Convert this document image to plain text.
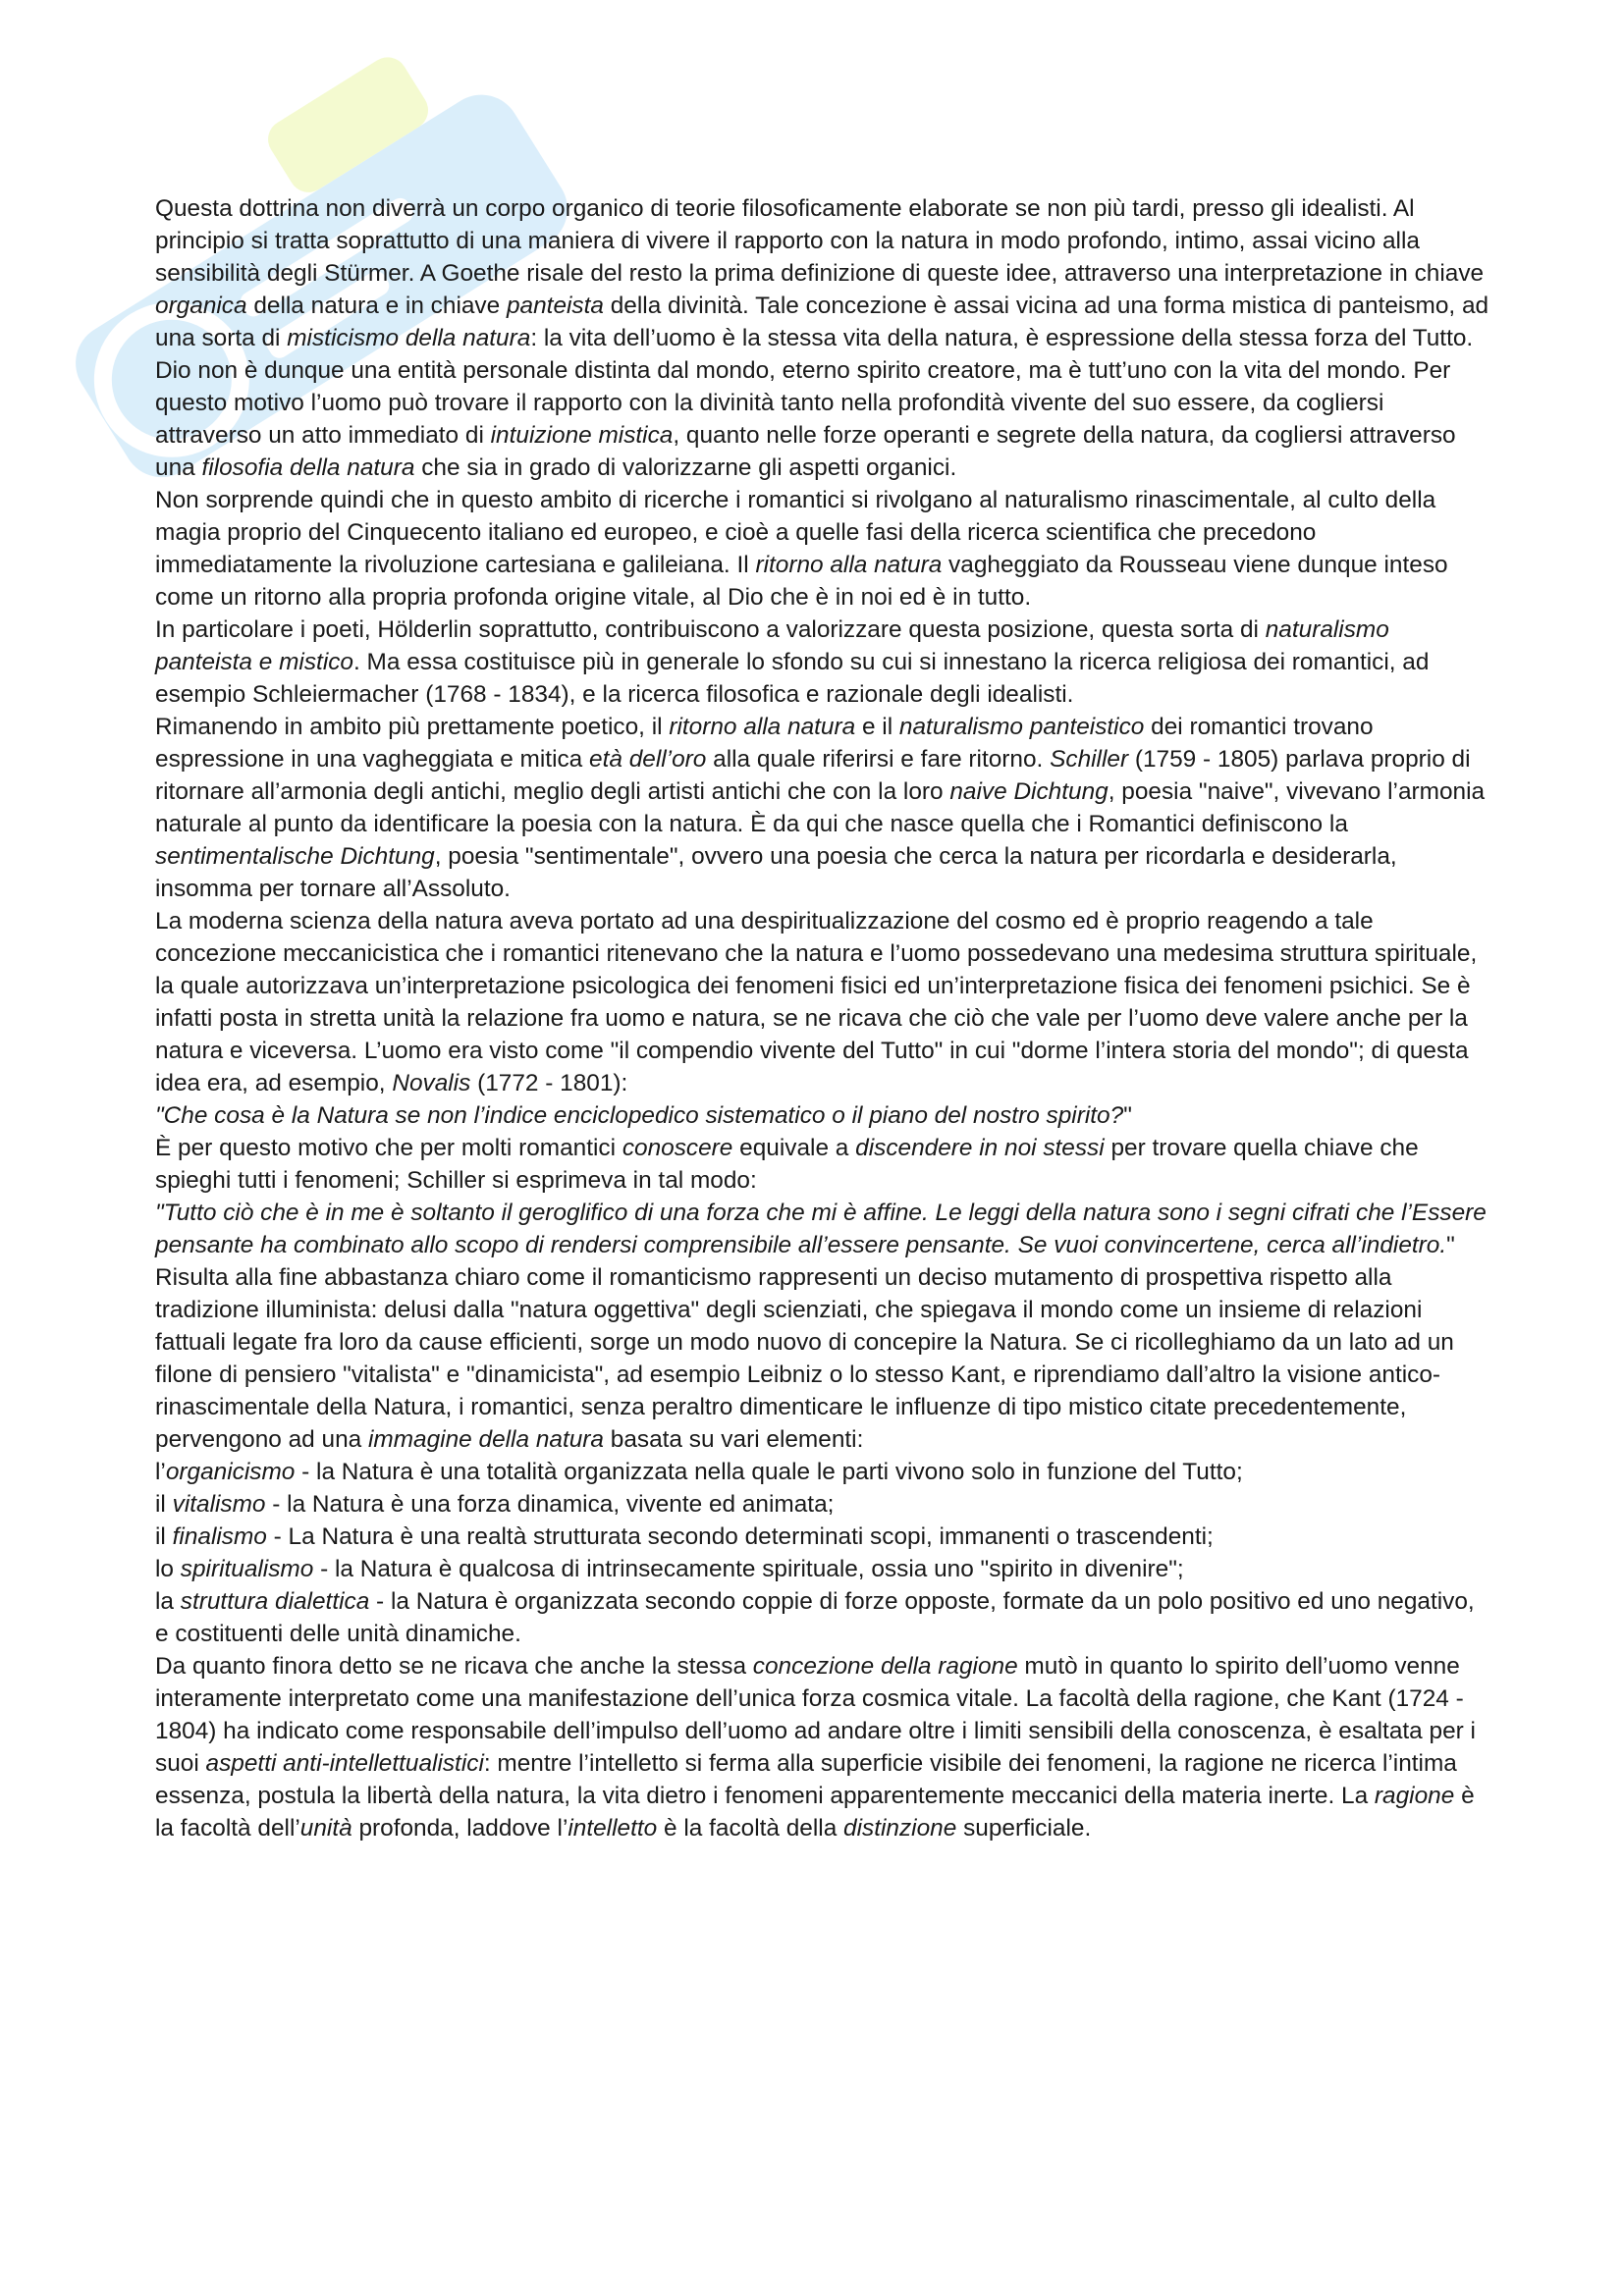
Questa dottrina non diverrà un corpo organico di teorie filosoficamente elaborate se non più tardi, presso gli idealisti. Al principio si tratta soprattutto di una maniera di vivere il rapporto con la natura in modo profondo, intimo, assai vicino alla sensibilità degli Stürmer. A Goethe risale del resto la prima definizione di queste idee, attraverso una interpretazione in chiave organica della natura e in chiave panteista della divinità. Tale concezione è assai vicina ad una forma mistica di panteismo, ad una sorta di misticismo della natura: la vita dell’uomo è la stessa vita della natura, è espressione della stessa forza del Tutto. Dio non è dunque una entità personale distinta dal mondo, eterno spirito creatore, ma è tutt’uno con la vita del mondo. Per questo motivo l’uomo può trovare il rapporto con la divinità tanto nella profondità vivente del suo essere, da cogliersi attraverso un atto immediato di intuizione mistica, quanto nelle forze operanti e segrete della natura, da cogliersi attraverso una filosofia della natura che sia in grado di valorizzarne gli aspetti organici.

Non sorprende quindi che in questo ambito di ricerche i romantici si rivolgano al naturalismo rinascimentale, al culto della magia proprio del Cinquecento italiano ed europeo, e cioè a quelle fasi della ricerca scientifica che precedono immediatamente la rivoluzione cartesiana e galileiana. Il ritorno alla natura vagheggiato da Rousseau viene dunque inteso come un ritorno alla propria profonda origine vitale, al Dio che è in noi ed è in tutto.

In particolare i poeti, Hölderlin soprattutto, contribuiscono a valorizzare questa posizione, questa sorta di naturalismo panteista e mistico. Ma essa costituisce più in generale lo sfondo su cui si innestano la ricerca religiosa dei romantici, ad esempio Schleiermacher (1768 - 1834), e la ricerca filosofica e razionale degli idealisti.

Rimanendo in ambito più prettamente poetico, il ritorno alla natura e il naturalismo panteistico dei romantici trovano espressione in una vagheggiata e mitica età dell’oro alla quale riferirsi e fare ritorno. Schiller (1759 - 1805) parlava proprio di ritornare all’armonia degli antichi, meglio degli artisti antichi che con la loro naive Dichtung, poesia "naive", vivevano l’armonia naturale al punto da identificare la poesia con la natura. È da qui che nasce quella che i Romantici definiscono la sentimentalische Dichtung, poesia "sentimentale", ovvero una poesia che cerca la natura per ricordarla e desiderarla, insomma per tornare all’Assoluto.

La moderna scienza della natura aveva portato ad una despiritualizzazione del cosmo ed è proprio reagendo a tale concezione meccanicistica che i romantici ritenevano che la natura e l’uomo possedevano una medesima struttura spirituale, la quale autorizzava un’interpretazione psicologica dei fenomeni fisici ed un’interpretazione fisica dei fenomeni psichici. Se è infatti posta in stretta unità la relazione fra uomo e natura, se ne ricava che ciò che vale per l’uomo deve valere anche per la natura e viceversa. L’uomo era visto come "il compendio vivente del Tutto" in cui "dorme l’intera storia del mondo"; di questa idea era, ad esempio, Novalis (1772 - 1801):

"Che cosa è la Natura se non l’indice enciclopedico sistematico o il piano del nostro spirito?"

È per questo motivo che per molti romantici conoscere equivale a discendere in noi stessi per trovare quella chiave che spieghi tutti i fenomeni; Schiller si esprimeva in tal modo:

"Tutto ciò che è in me è soltanto il geroglifico di una forza che mi è affine. Le leggi della natura sono i segni cifrati che l’Essere pensante ha combinato allo scopo di rendersi comprensibile all’essere pensante. Se vuoi convincertene, cerca all’indietro."

Risulta alla fine abbastanza chiaro come il romanticismo rappresenti un deciso mutamento di prospettiva rispetto alla tradizione illuminista: delusi dalla "natura oggettiva" degli scienziati, che spiegava il mondo come un insieme di relazioni fattuali legate fra loro da cause efficienti, sorge un modo nuovo di concepire la Natura. Se ci ricolleghiamo da un lato ad un filone di pensiero "vitalista" e "dinamicista", ad esempio Leibniz o lo stesso Kant, e riprendiamo dall’altro la visione antico-rinascimentale della Natura, i romantici, senza peraltro dimenticare le influenze di tipo mistico citate precedentemente, pervengono ad una immagine della natura basata su vari elementi:

l’organicismo - la Natura è una totalità organizzata nella quale le parti vivono solo in funzione del Tutto;

il vitalismo - la Natura è una forza dinamica, vivente ed animata;

il finalismo - La Natura è una realtà strutturata secondo determinati scopi, immanenti o trascendenti;

lo spiritualismo - la Natura è qualcosa di intrinsecamente spirituale, ossia uno "spirito in divenire";

la struttura dialettica - la Natura è organizzata secondo coppie di forze opposte, formate da un polo positivo ed uno negativo, e costituenti delle unità dinamiche.

Da quanto finora detto se ne ricava che anche la stessa concezione della ragione mutò in quanto lo spirito dell’uomo venne interamente interpretato come una manifestazione dell’unica forza cosmica vitale. La facoltà della ragione, che Kant (1724 - 1804) ha indicato come responsabile dell’impulso dell’uomo ad andare oltre i limiti sensibili della conoscenza, è esaltata per i suoi aspetti anti-intellettualistici: mentre l’intelletto si ferma alla superficie visibile dei fenomeni, la ragione ne ricerca l’intima essenza, postula la libertà della natura, la vita dietro i fenomeni apparentemente meccanici della materia inerte. La ragione è la facoltà dell’unità profonda, laddove l’intelletto è la facoltà della distinzione superficiale.
